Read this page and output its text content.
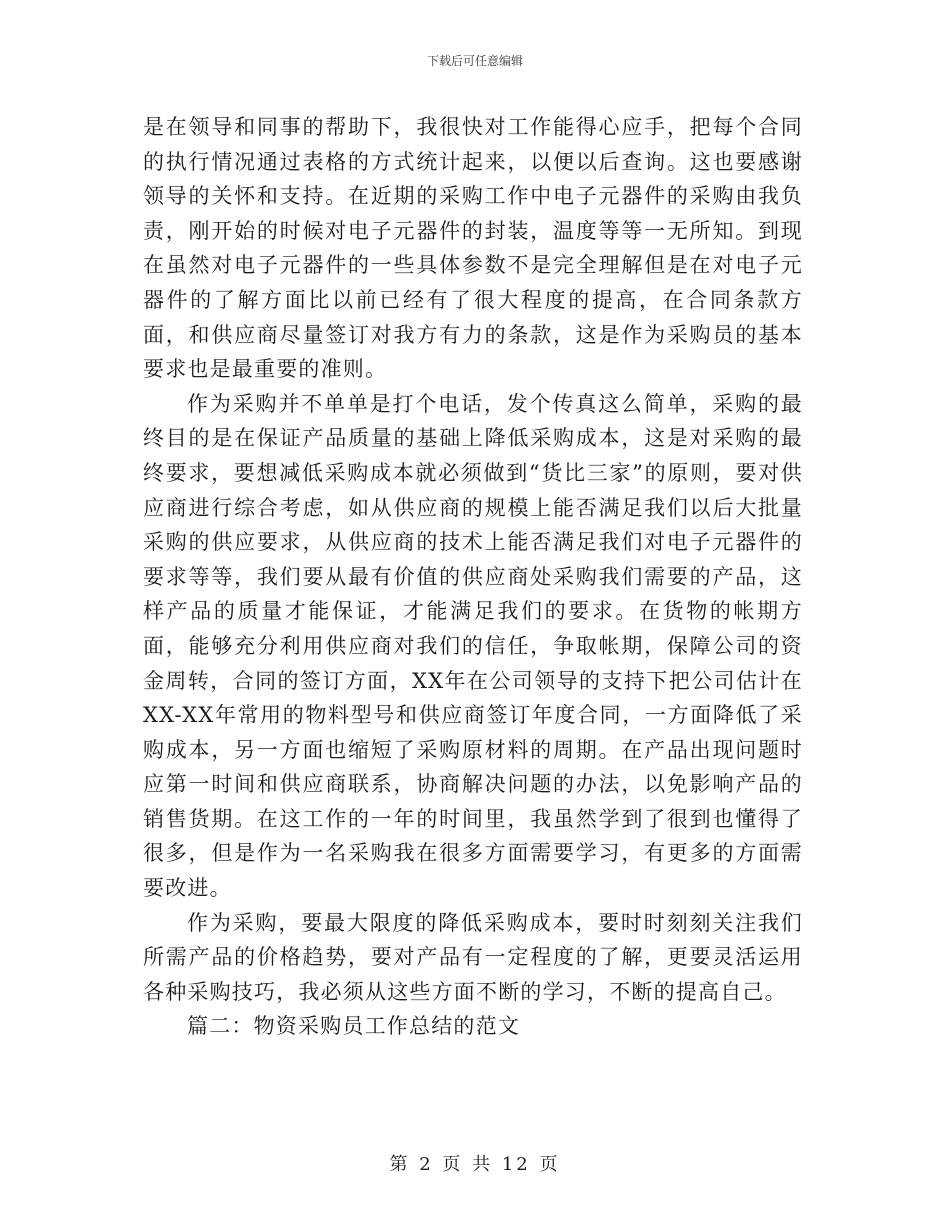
下载后可任意编辑

是在领导和同事的帮助下，我很快对工作能得心应手，把每个合同的执行情况通过表格的方式统计起来，以便以后查询。这也要感谢领导的关怀和支持。在近期的采购工作中电子元器件的采购由我负责，刚开始的时候对电子元器件的封装，温度等等一无所知。到现在虽然对电子元器件的一些具体参数不是完全理解但是在对电子元器件的了解方面比以前已经有了很大程度的提高，在合同条款方面，和供应商尽量签订对我方有力的条款，这是作为采购员的基本要求也是最重要的准则。

作为采购并不单单是打个电话，发个传真这么简单，采购的最终目的是在保证产品质量的基础上降低采购成本，这是对采购的最终要求，要想减低采购成本就必须做到“货比三家”的原则，要对供应商进行综合考虑，如从供应商的规模上能否满足我们以后大批量采购的供应要求，从供应商的技术上能否满足我们对电子元器件的要求等等，我们要从最有价值的供应商处采购我们需要的产品，这样产品的质量才能保证，才能满足我们的要求。在货物的帐期方面，能够充分利用供应商对我们的信任，争取帐期，保障公司的资金周转，合同的签订方面，XX年在公司领导的支持下把公司估计在XX-XX年常用的物料型号和供应商签订年度合同，一方面降低了采购成本，另一方面也缩短了采购原材料的周期。在产品出现问题时应第一时间和供应商联系，协商解决问题的办法，以免影响产品的销售货期。在这工作的一年的时间里，我虽然学到了很到也懂得了很多，但是作为一名采购我在很多方面需要学习，有更多的方面需要改进。

作为采购，要最大限度的降低采购成本，要时时刻刻关注我们所需产品的价格趋势，要对产品有一定程度的了解，更要灵活运用各种采购技巧，我必须从这些方面不断的学习，不断的提高自己。

篇二：物资采购员工作总结的范文

第 2 页 共 12 页
